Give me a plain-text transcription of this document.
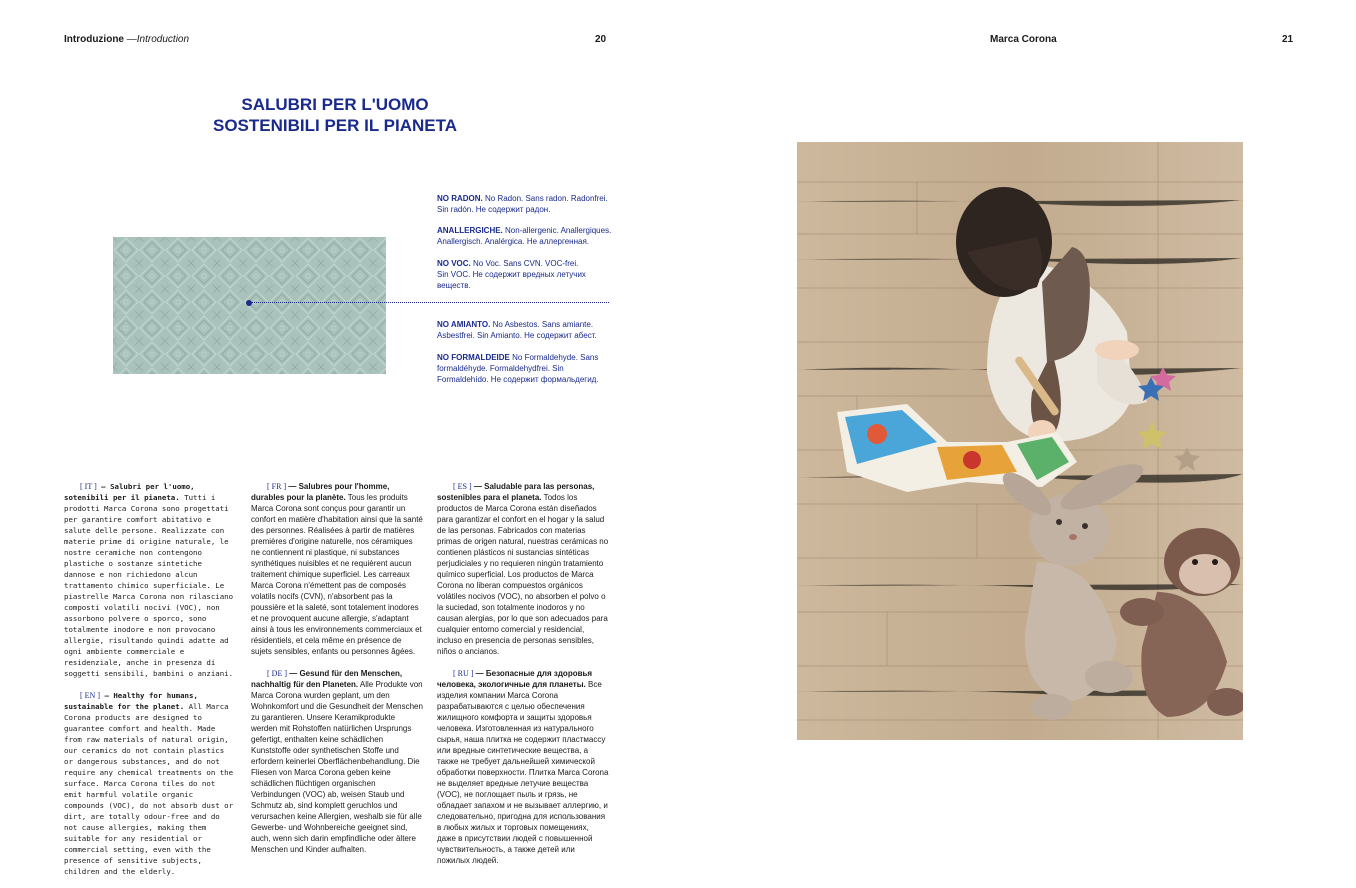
Introduzione —Introduction	20	Marca Corona	21
SALUBRI PER L'UOMO
SOSTENIBILI PER IL PIANETA
NO RADON. No Radon. Sans radon. Radonfrei. Sin radón. Не содержит радон.
ANALLERGICHE. Non-allergenic. Anallergiques. Anallergisch. Analérgica. Не аллергенная.
NO VOC. No Voc. Sans CVN. VOC-frei. Sin VOC. Не содержит вредных летучих веществ.
NO AMIANTO. No Asbestos. Sans amiante. Asbestfrei. Sin Amianto. Не содержит aбecт.
NO FORMALDEIDE No Formaldehyde. Sans formaldéhyde. Formaldehydfrei. Sin Formaldehído. Не содержит формальдегид.

[ IT ] — Salubri per l'uomo, sotenibili per il pianeta. Tutti i prodotti Marca Corona sono progettati per garantire comfort abitativo e salute delle persone. Realizzate con materie prime di origine naturale, le nostre ceramiche non contengono plastiche o sostanze sintetiche dannose e non richiedono alcun trattamento chimico superficiale. Le piastrelle Marca Corona non rilasciano composti volatili nocivi (VOC), non assorbono polvere o sporco, sono totalmente inodore e non provocano allergie, risultando quindi adatte ad ogni ambiente commerciale e residenziale, anche in presenza di soggetti sensibili, bambini o anziani.

[ EN ] — Healthy for humans, sustainable for the planet. All Marca Corona products are designed to guarantee comfort and health. Made from raw materials of natural origin, our ceramics do not contain plastics or dangerous substances, and do not require any chemical treatments on the surface. Marca Corona tiles do not emit harmful volatile organic compounds (VOC), do not absorb dust or dirt, are totally odour-free and do not cause allergies, making them suitable for any residential or commercial setting, even with the presence of sensitive subjects, children and the elderly.

[ FR ] — Salubres pour l'homme, durables pour la planète. Tous les produits Marca Corona sont conçus pour garantir un confort en matière d'habitation ainsi que la santé des personnes. Réalisées à partir de matières premières d'origine naturelle, nos céramiques ne contiennent ni plastique, ni substances synthétiques nuisibles et ne requièrent aucun traitement chimique superficiel. Les carreaux Marca Corona n'émettent pas de composés volatils nocifs (CVN), n'absorbent pas la poussière et la saleté, sont totalement inodores et ne provoquent aucune allergie, s'adaptant ainsi à tous les environnements commerciaux et résidentiels, et cela même en présence de sujets sensibles, enfants ou personnes âgées.

[ DE ] — Gesund für den Menschen, nachhaltig für den Planeten. Alle Produkte von Marca Corona wurden geplant, um den Wohnkomfort und die Gesundheit der Menschen zu garantieren. Unsere Keramikprodukte werden mit Rohstoffen natürlichen Ursprungs gefertigt, enthalten keine schädlichen Kunststoffe oder synthetischen Stoffe und erfordern keinerlei Oberflächenbehandlung. Die Fliesen von Marca Corona geben keine schädlichen flüchtigen organischen Verbindungen (VOC) ab, weisen Staub und Schmutz ab, sind komplett geruchlos und verursachen keine Allergien, weshalb sie für alle Gewerbe- und Wohnbereiche geeignet sind, auch, wenn sich darin empfindliche oder ältere Menschen und Kinder aufhalten.

[ ES ] — Saludable para las personas, sostenibles para el planeta. Todos los productos de Marca Corona están diseñados para garantizar el confort en el hogar y la salud de las personas. Fabricados con materias primas de origen natural, nuestras cerámicas no contienen plásticos ni sustancias sintéticas perjudiciales y no requieren ningún tratamiento químico superficial. Los productos de Marca Corona no liberan compuestos orgánicos volátiles nocivos (VOC), no absorben el polvo o la suciedad, son totalmente inodoros y no causan alergias, por lo que son adecuados para cualquier entorno comercial y residencial, incluso en presencia de personas sensibles, niños o ancianos.

[ RU ] — Безопасные для здоровья человека, экологичные для планеты. Все изделия компании Marca Corona разрабатываются с целью обеспечения жилищного комфорта и защиты здоровья человека. Изготовленная из натурального сырья, наша плитка не содержит пластмассу или вредные синтетические вещества, а также не требует дальнейшей химической обработки поверхности. Плитка Marca Corona не выделяет вредные летучие вещества (VOC), не поглощает пыль и грязь, не обладает запахом и не вызывает аллергию, и следовательно, пригодна для использования в любых жилых и торговых помещениях, даже в присутствии людей с повышенной чувствительность, а также детей или пожилых людей.
